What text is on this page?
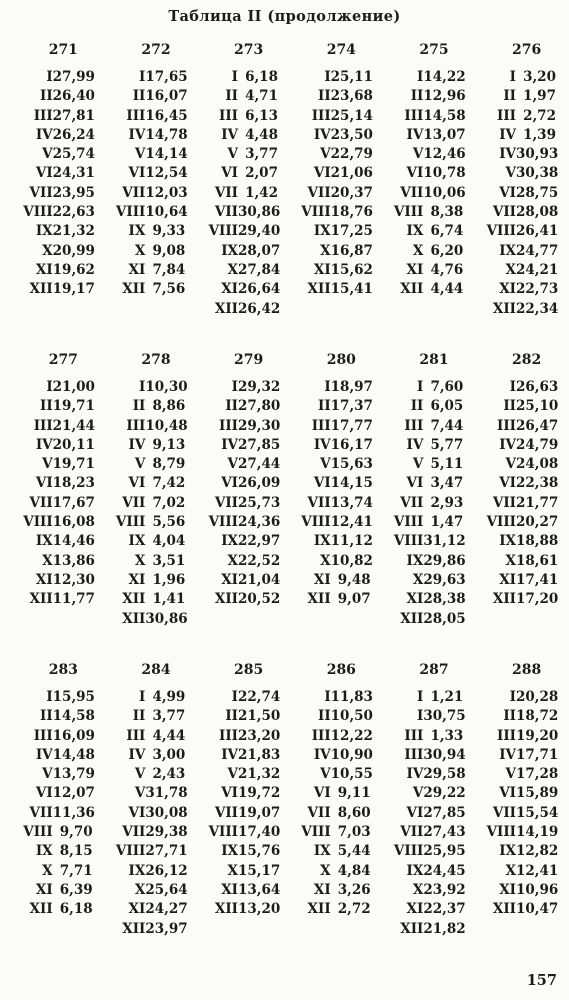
Таблица II (продолжение)
271
I 27,99
II 26,40
III 27,81
IV 26,24
V 25,74
VI 24,31
VII 23,95
VIII 22,63
IX 21,32
X 20,99
XI 19,62
XII 19,17
272
I 17,65
II 16,07
III 16,45
IV 14,78
V 14,14
VI 12,54
VII 12,03
VIII 10,64
IX 9,33
X 9,08
XI 7,84
XII 7,56
273
I 6,18
II 4,71
III 6,13
IV 4,48
V 3,77
VI 2,07
VII 1,42
VII 30,86
VIII 29,40
IX 28,07
X 27,84
XI 26,64
XII 26,42
274
I 25,11
II 23,68
III 25,14
IV 23,50
V 22,79
VI 21,06
VII 20,37
VIII 18,76
IX 17,25
X 16,87
XI 15,62
XII 15,41
275
I 14,22
II 12,96
III 14,58
IV 13,07
V 12,46
VI 10,78
VII 10,06
VIII 8,38
IX 6,74
X 6,20
XI 4,76
XII 4,44
276
I 3,20
II 1,97
III 2,72
IV 1,39
IV 30,93
V 30,38
VI 28,75
VII 28,08
VIII 26,41
IX 24,77
X 24,21
XI 22,73
XII 22,34
277
I 21,00
II 19,71
III 21,44
IV 20,11
V 19,71
VI 18,23
VII 17,67
VIII 16,08
IX 14,46
X 13,86
XI 12,30
XII 11,77
278
I 10,30
II 8,86
III 10,48
IV 9,13
V 8,79
VI 7,42
VII 7,02
VIII 5,56
IX 4,04
X 3,51
XI 1,96
XII 1,41
XII 30,86
279
I 29,32
II 27,80
III 29,30
IV 27,85
V 27,44
VI 26,09
VII 25,73
VIII 24,36
IX 22,97
X 22,52
XI 21,04
XII 20,52
280
I 18,97
II 17,37
III 17,77
IV 16,17
V 15,63
VI 14,15
VII 13,74
VIII 12,41
IX 11,12
X 10,82
XI 9,48
XII 9,07
281
I 7,60
II 6,05
III 7,44
IV 5,77
V 5,11
VI 3,47
VII 2,93
VIII 1,47
VIII 31,12
IX 29,86
X 29,63
XI 28,38
XII 28,05
282
I 26,63
II 25,10
III 26,47
IV 24,79
V 24,08
VI 22,38
VII 21,77
VIII 20,27
IX 18,88
X 18,61
XI 17,41
XII 17,20
283
I 15,95
II 14,58
III 16,09
IV 14,48
V 13,79
VI 12,07
VII 11,36
VIII 9,70
IX 8,15
X 7,71
XI 6,39
XII 6,18
284
I 4,99
II 3,77
III 4,44
IV 3,00
V 2,43
V 31,78
VI 30,08
VII 29,38
VIII 27,71
IX 26,12
X 25,64
XI 24,27
XII 23,97
285
I 22,74
II 21,50
III 23,20
IV 21,83
V 21,32
VI 19,72
VII 19,07
VIII 17,40
IX 15,76
X 15,17
XI 13,64
XII 13,20
286
I 11,83
II 10,50
III 12,22
IV 10,90
V 10,55
VI 9,11
VII 8,60
VIII 7,03
IX 5,44
X 4,84
XI 3,26
XII 2,72
287
I 1,21
I 30,75
III 1,33
III 30,94
IV 29,58
V 29,22
VI 27,85
VII 27,43
VIII 25,95
IX 24,45
X 23,92
XI 22,37
XII 21,82
288
I 20,28
II 18,72
III 19,20
IV 17,71
V 17,28
VI 15,89
VII 15,54
VIII 14,19
IX 12,82
X 12,41
XI 10,96
XII 10,47
157
